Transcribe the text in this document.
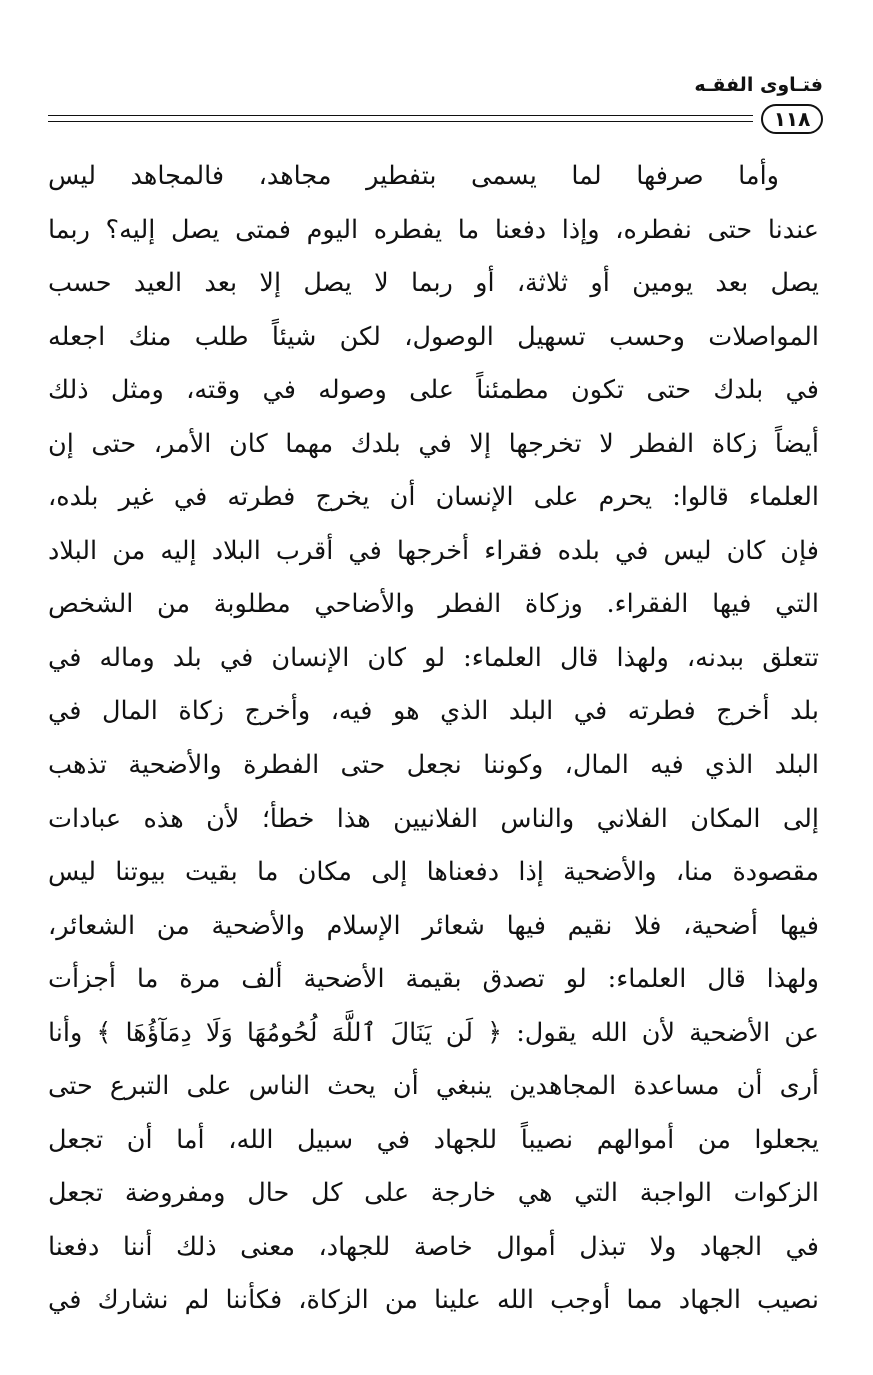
فتـاوى الفقـه
١١٨
وأما صرفها لما يسمى بتفطير مجاهد، فالمجاهد ليس
عندنا حتى نفطره، وإذا دفعنا ما يفطره اليوم فمتى يصل إليه؟ ربما
يصل بعد يومين أو ثلاثة، أو ربما لا يصل إلا بعد العيد حسب
المواصلات وحسب تسهيل الوصول، لكن شيئاً طلب منك اجعله
في بلدك حتى تكون مطمئناً على وصوله في وقته، ومثل ذلك
أيضاً زكاة الفطر لا تخرجها إلا في بلدك مهما كان الأمر، حتى إن
العلماء قالوا: يحرم على الإنسان أن يخرج فطرته في غير بلده،
فإن كان ليس في بلده فقراء أخرجها في أقرب البلاد إليه من البلاد
التي فيها الفقراء. وزكاة الفطر والأضاحي مطلوبة من الشخص
تتعلق ببدنه، ولهذا قال العلماء: لو كان الإنسان في بلد وماله في
بلد أخرج فطرته في البلد الذي هو فيه، وأخرج زكاة المال في
البلد الذي فيه المال، وكوننا نجعل حتى الفطرة والأضحية تذهب
إلى المكان الفلاني والناس الفلانيين هذا خطأ؛ لأن هذه عبادات
مقصودة منا، والأضحية إذا دفعناها إلى مكان ما بقيت بيوتنا ليس
فيها أضحية، فلا نقيم فيها شعائر الإسلام والأضحية من الشعائر،
ولهذا قال العلماء: لو تصدق بقيمة الأضحية ألف مرة ما أجزأت
عن الأضحية لأن الله يقول: ﴿ لَن يَنَالَ ٱللَّهَ لُحُومُهَا وَلَا دِمَآؤُهَا ﴾ وأنا
أرى أن مساعدة المجاهدين ينبغي أن يحث الناس على التبرع حتى
يجعلوا من أموالهم نصيباً للجهاد في سبيل الله، أما أن تجعل
الزكوات الواجبة التي هي خارجة على كل حال ومفروضة تجعل
في الجهاد ولا تبذل أموال خاصة للجهاد، معنى ذلك أننا دفعنا
نصيب الجهاد مما أوجب الله علينا من الزكاة، فكأننا لم نشارك في
